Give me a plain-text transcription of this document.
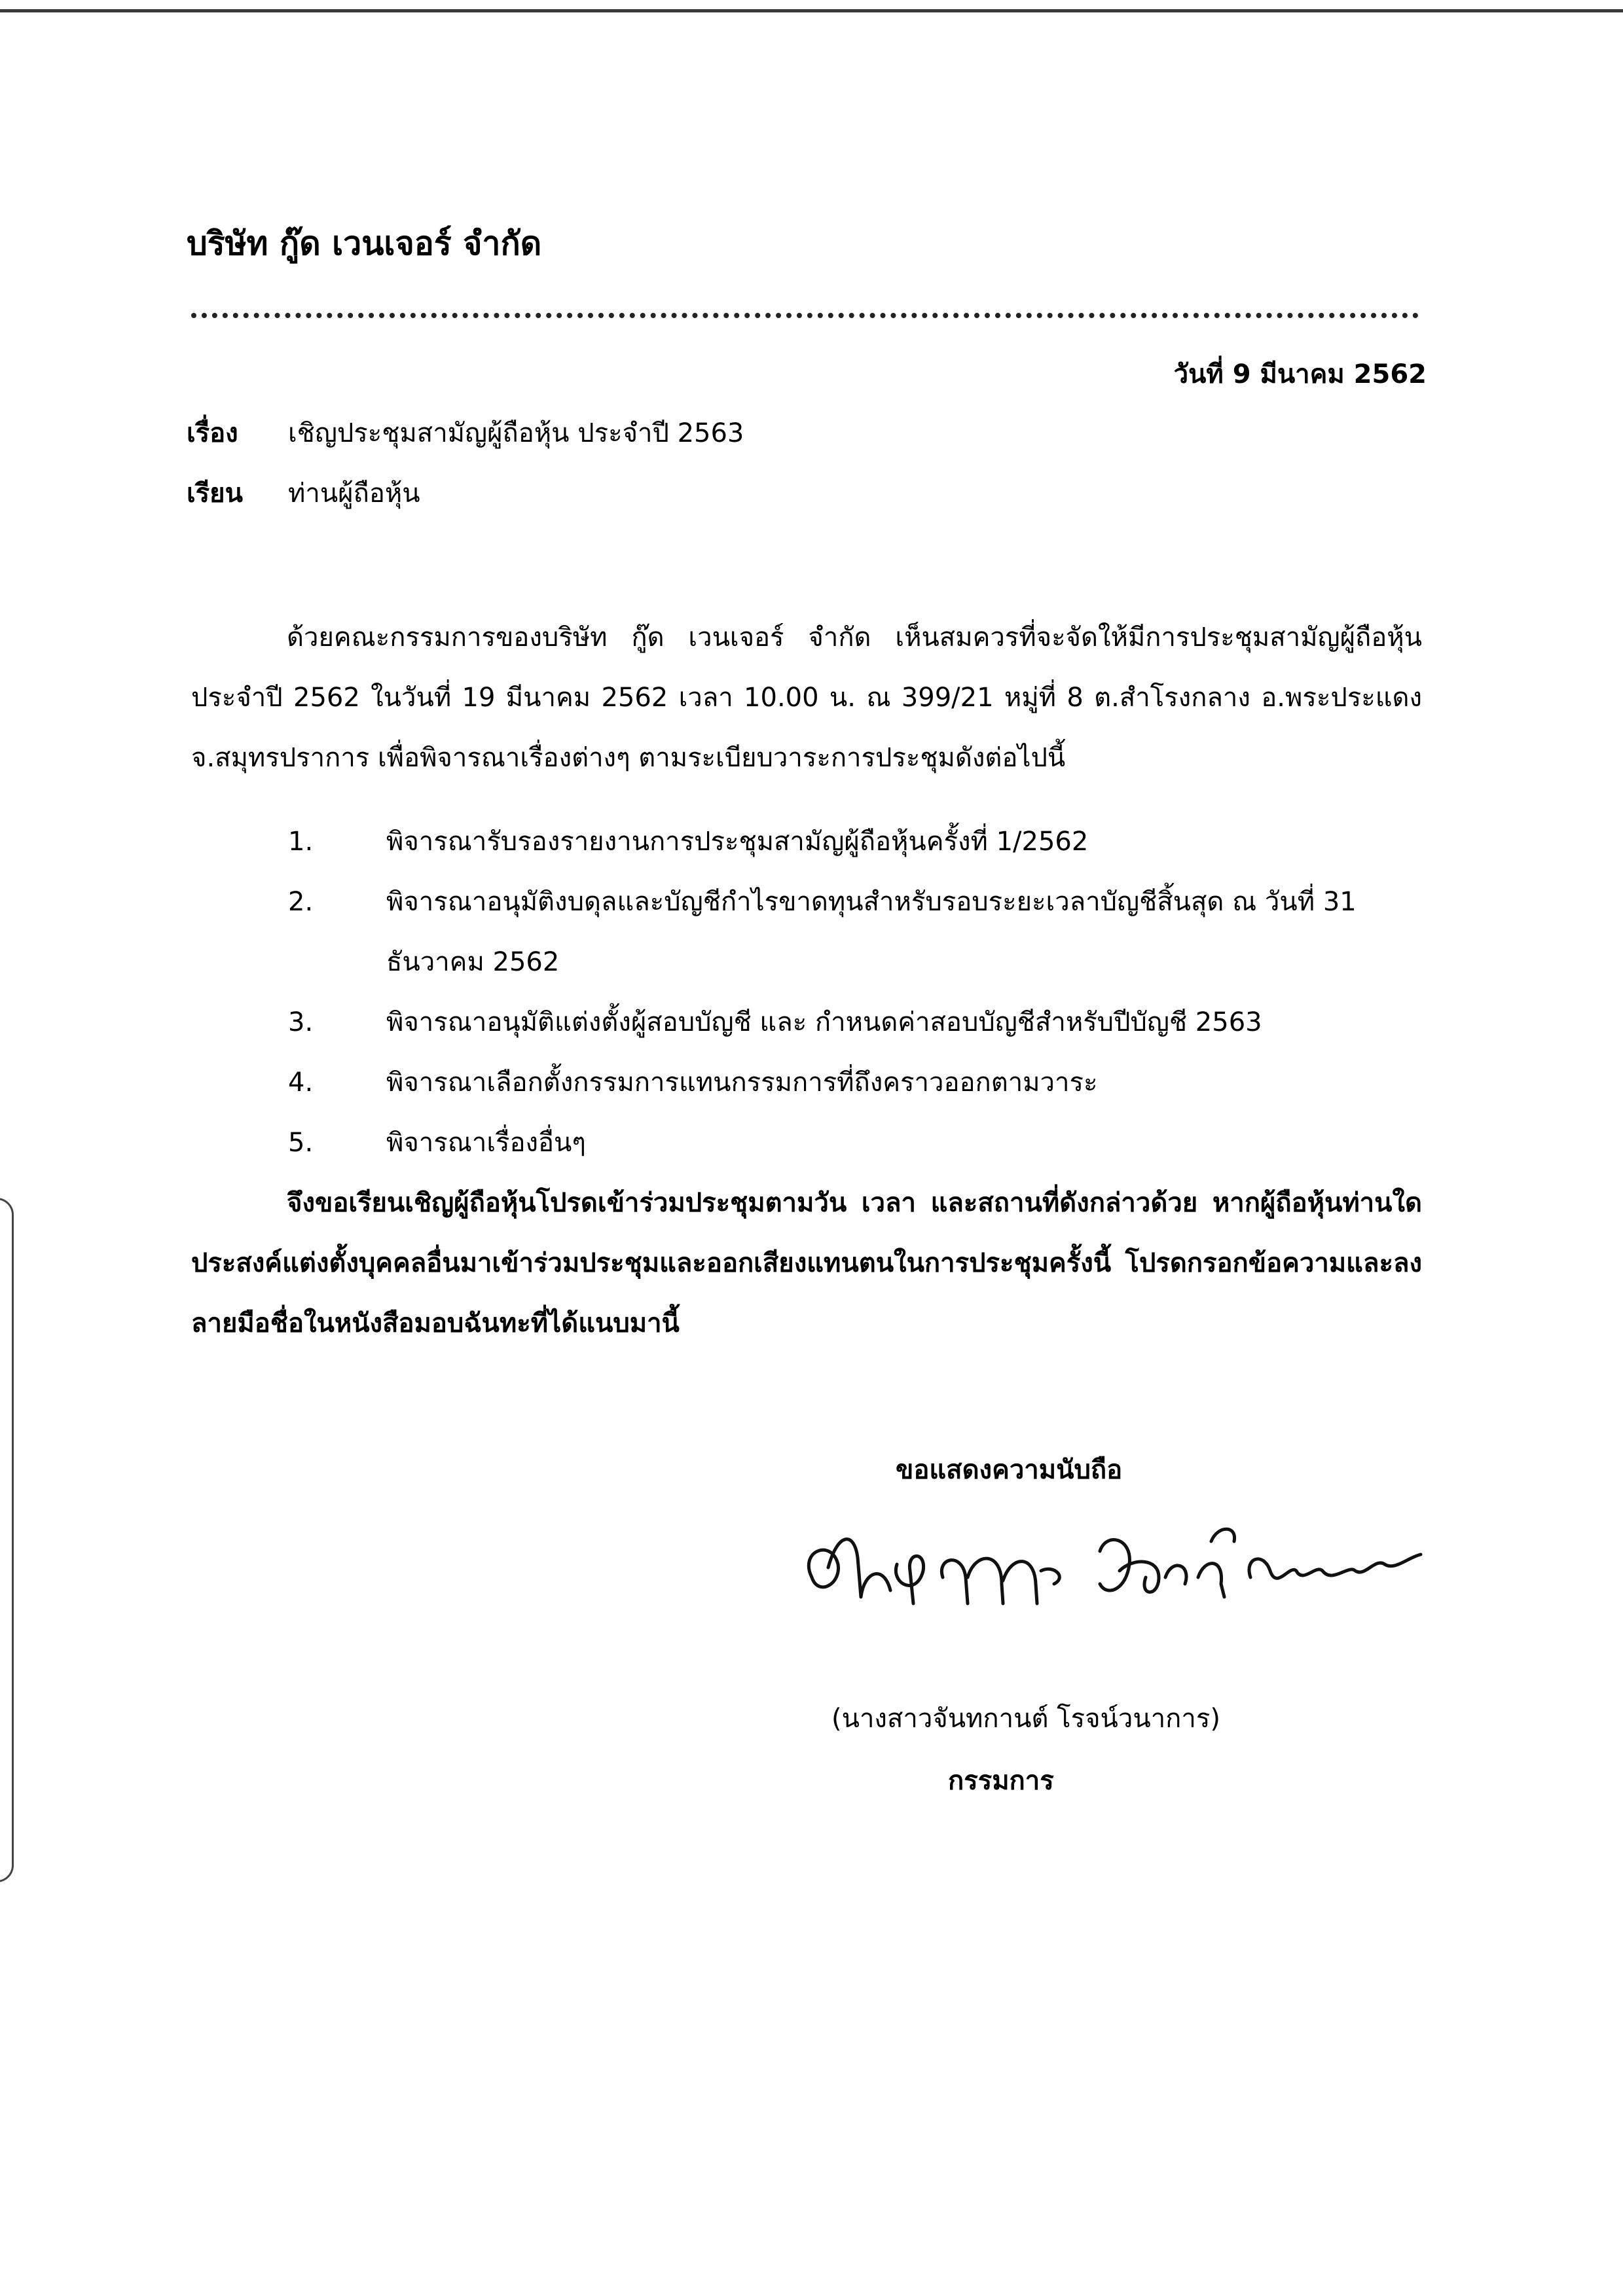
บริษัท กู๊ด เวนเจอร์ จำกัด
วันที่ 9 มีนาคม 2562
เรื่อง เชิญประชุมสามัญผู้ถือหุ้น ประจำปี 2563
เรียน ท่านผู้ถือหุ้น
ด้วยคณะกรรมการของบริษัท กู๊ด เวนเจอร์ จำกัด เห็นสมควรที่จะจัดให้มีการประชุมสามัญผู้ถือหุ้นประจำปี 2562 ในวันที่ 19 มีนาคม 2562 เวลา 10.00 น. ณ 399/21 หมู่ที่ 8 ต.สำโรงกลาง อ.พระประแดง จ.สมุทรปราการ เพื่อพิจารณาเรื่องต่างๆ ตามระเบียบวาระการประชุมดังต่อไปนี้
1.	พิจารณารับรองรายงานการประชุมสามัญผู้ถือหุ้นครั้งที่ 1/2562
2.	พิจารณาอนุมัติงบดุลและบัญชีกำไรขาดทุนสำหรับรอบระยะเวลาบัญชีสิ้นสุด ณ วันที่ 31 ธันวาคม 2562
3.	พิจารณาอนุมัติแต่งตั้งผู้สอบบัญชี และ กำหนดค่าสอบบัญชีสำหรับปีบัญชี 2563
4.	พิจารณาเลือกตั้งกรรมการแทนกรรมการที่ถึงคราวออกตามวาระ
5.	พิจารณาเรื่องอื่นๆ
จึงขอเรียนเชิญผู้ถือหุ้นโปรดเข้าร่วมประชุมตามวัน เวลา และสถานที่ดังกล่าวด้วย หากผู้ถือหุ้นท่านใดประสงค์แต่งตั้งบุคคลอื่นมาเข้าร่วมประชุมและออกเสียงแทนตนในการประชุมครั้งนี้ โปรดกรอกข้อความและลงลายมือชื่อในหนังสือมอบฉันทะที่ได้แนบมานี้
ขอแสดงความนับถือ
(นางสาวจันทกานต์ โรจน์วนาการ)
กรรมการ
